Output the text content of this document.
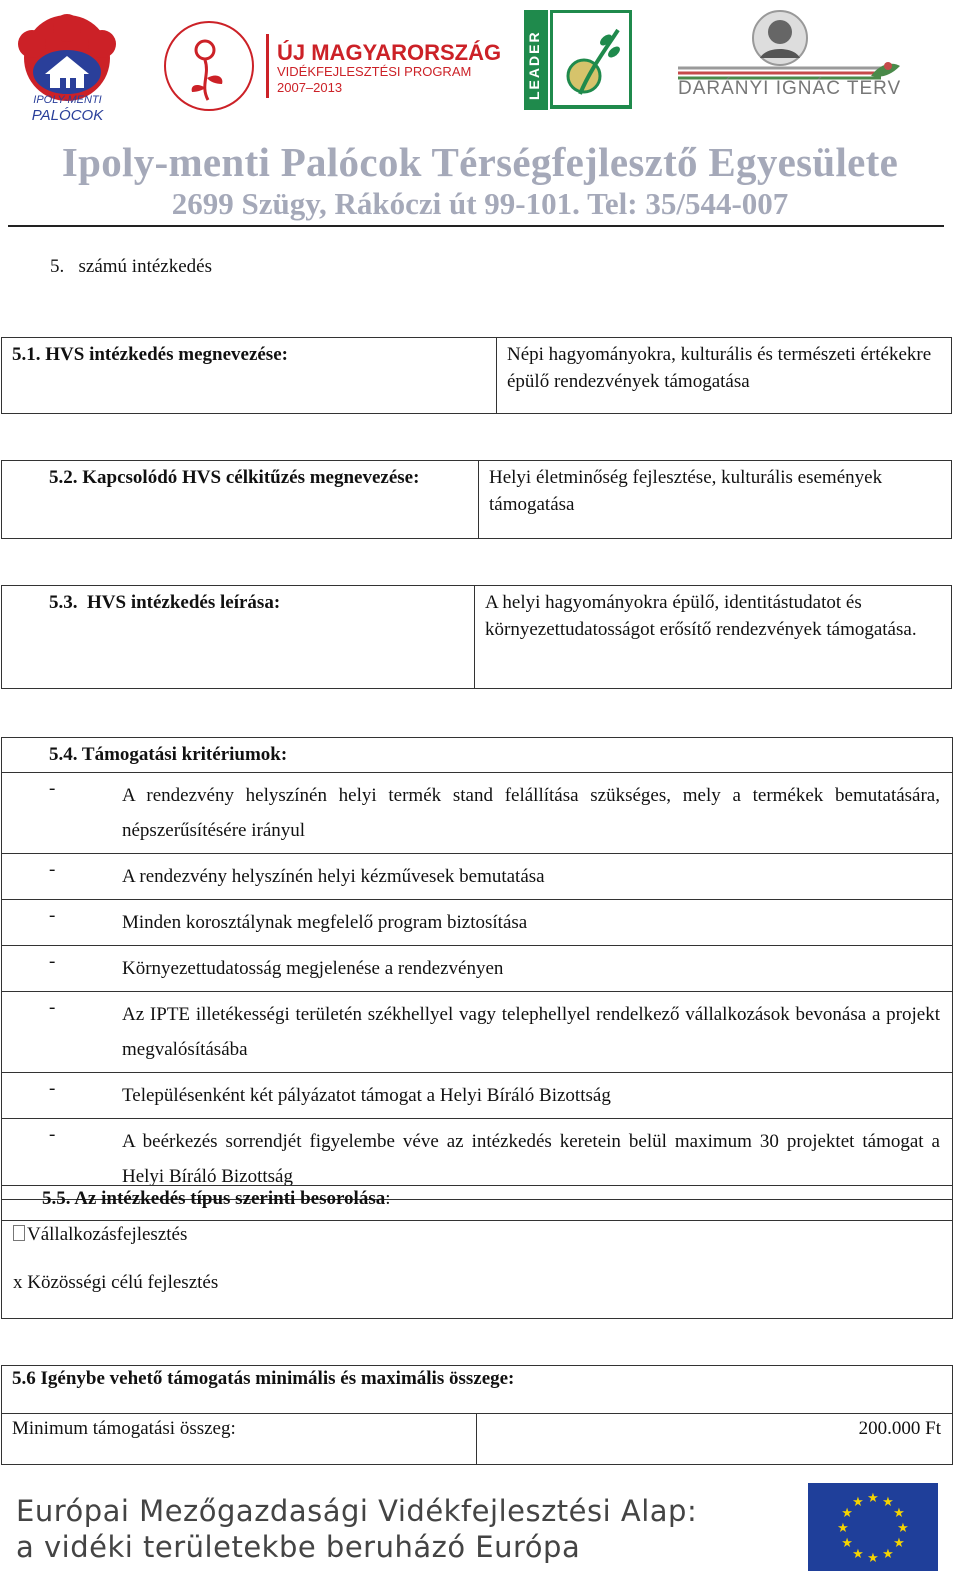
IPOLY-MENTI
PALÓCOK
ÚJ MAGYARORSZÁG
VIDÉKFEJLESZTÉSI PROGRAM
2007–2013	LEADER	DARÁNYI IGNÁC TERV
Ipoly-menti Palócok Térségfejlesztő Egyesülete
2699 Szügy, Rákóczi út 99-101. Tel: 35/544-007
5.   számú intézkedés
5.1. HVS intézkedés megnevezése:	Népi hagyományokra, kulturális és természeti értékekre épülő rendezvények támogatása
5.2. Kapcsolódó HVS célkitűzés megnevezése:	Helyi életminőség fejlesztése, kulturális események támogatása
5.3.  HVS intézkedés leírása:	A helyi hagyományokra épülő, identitástudatot és környezettudatosságot erősítő rendezvények támogatása.
5.4. Támogatási kritériumok:
-	A rendezvény helyszínén helyi termék stand felállítása szükséges, mely a termékek bemutatására, népszerűsítésére irányul
-	A rendezvény helyszínén helyi kézművesek bemutatása
-	Minden korosztálynak megfelelő program biztosítása
-	Környezettudatosság megjelenése a rendezvényen
-	Az IPTE illetékességi területén székhellyel vagy telephellyel rendelkező vállalkozások bevonása a projekt megvalósításába
-	Településenként két pályázatot támogat a Helyi Bíráló Bizottság
-	A beérkezés sorrendjét figyelembe véve az intézkedés keretein belül maximum 30 projektet támogat a Helyi Bíráló Bizottság
5.5. Az intézkedés típus szerinti besorolása:
Vállalkozásfejlesztés
x Közösségi célú fejlesztés
5.6 Igénybe vehető támogatás minimális és maximális összege:
Minimum támogatási összeg:	200.000 Ft
Európai Mezőgazdasági Vidékfejlesztési Alap:
a vidéki területekbe beruházó Európa
★ ★
★
★
★
★
★
★
★
★
★
★
